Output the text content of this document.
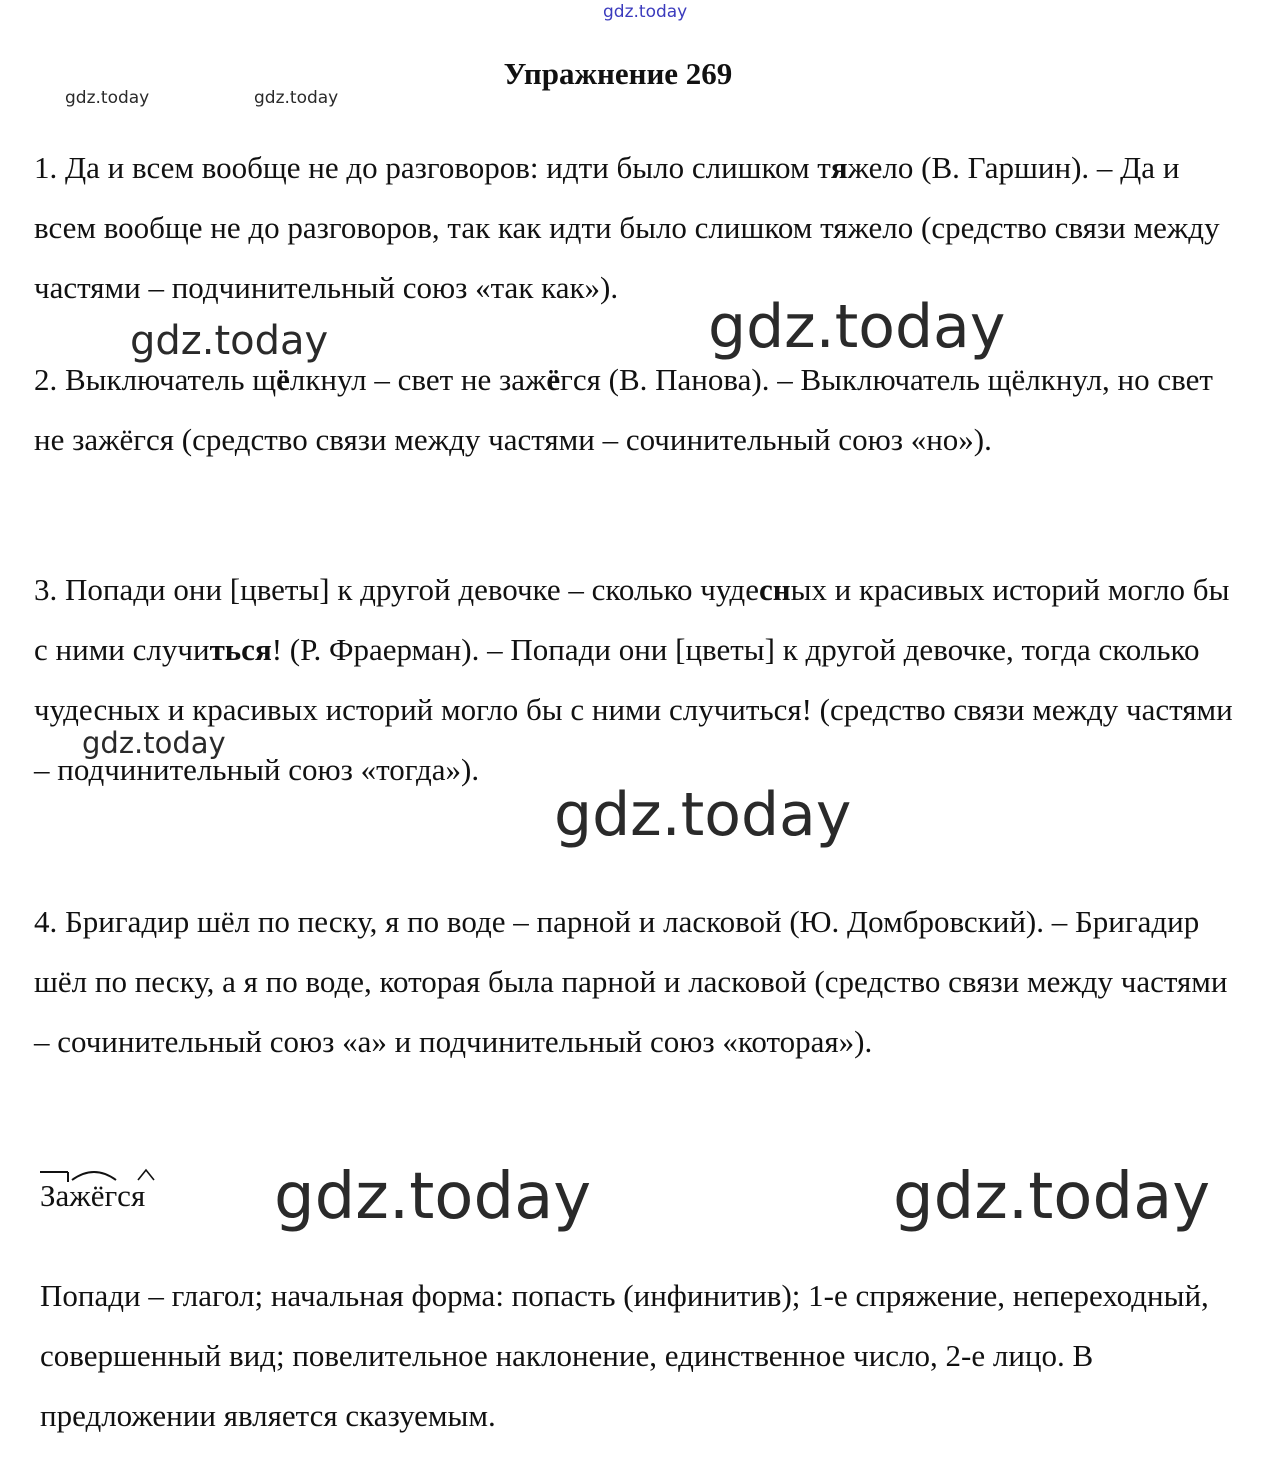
gdz.today
gdz.today	gdz.today
gdz.today	gdz.today
gdz.today
gdz.today
gdz.today	gdz.today
Упражнение 269

1. Да и всем вообще не до разговоров: идти было слишком тяжело (В. Гаршин). – Да и всем вообще не до разговоров, так как идти было слишком тяжело (средство связи между частями – подчинительный союз «так как»).

2. Выключатель щёлкнул – свет не зажёгся (В. Панова). – Выключатель щёлкнул, но свет не зажёгся (средство связи между частями – сочинительный союз «но»).

3. Попади они [цветы] к другой девочке – сколько чудесных и красивых историй могло бы с ними случиться! (Р. Фраерман). – Попади они [цветы] к другой девочке, тогда сколько чудесных и красивых историй могло бы с ними случиться! (средство связи между частями – подчинительный союз «тогда»).

4. Бригадир шёл по песку, я по воде – парной и ласковой (Ю. Домбровский). – Бригадир шёл по песку, а я по воде, которая была парной и ласковой (средство связи между частями – сочинительный союз «а» и подчинительный союз «которая»).

Зажёгся

Попади – глагол; начальная форма: попасть (инфинитив); 1-е спряжение, непереходный, совершенный вид; повелительное наклонение, единственное число, 2-е лицо. В предложении является сказуемым.
